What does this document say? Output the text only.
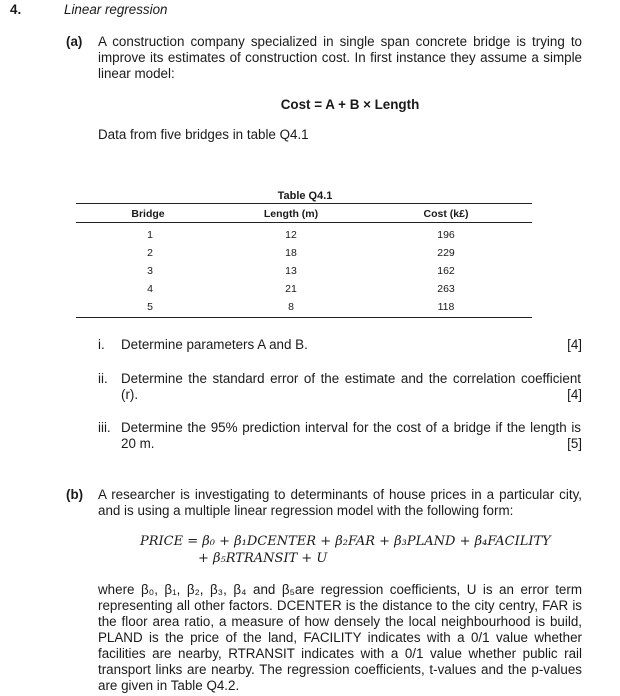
4.	Linear regression
(a) A construction company specialized in single span concrete bridge is trying to improve its estimates of construction cost. In first instance they assume a simple linear model:
Cost = A + B × Length
Data from five bridges in table Q4.1
Table Q4.1
Bridge	Length (m)	Cost (k£)
1	12	196
2	18	229
3	13	162
4	21	263
5	8	118
i. Determine parameters A and B.	[4]
ii. Determine the standard error of the estimate and the correlation coefficient (r).	[4]
iii. Determine the 95% prediction interval for the cost of a bridge if the length is 20 m.	[5]
(b) A researcher is investigating to determinants of house prices in a particular city, and is using a multiple linear regression model with the following form:
PRICE = β₀ + β₁DCENTER + β₂FAR + β₃PLAND + β₄FACILITY
+ β₅RTRANSIT + U
where β₀, β₁, β₂, β₃, β₄ and β₅are regression coefficients, U is an error term representing all other factors. DCENTER is the distance to the city centry, FAR is the floor area ratio, a measure of how densely the local neighbourhood is build, PLAND is the price of the land, FACILITY indicates with a 0/1 value whether facilities are nearby, RTRANSIT indicates with a 0/1 value whether public rail transport links are nearby. The regression coefficients, t-values and the p-values are given in Table Q4.2.
